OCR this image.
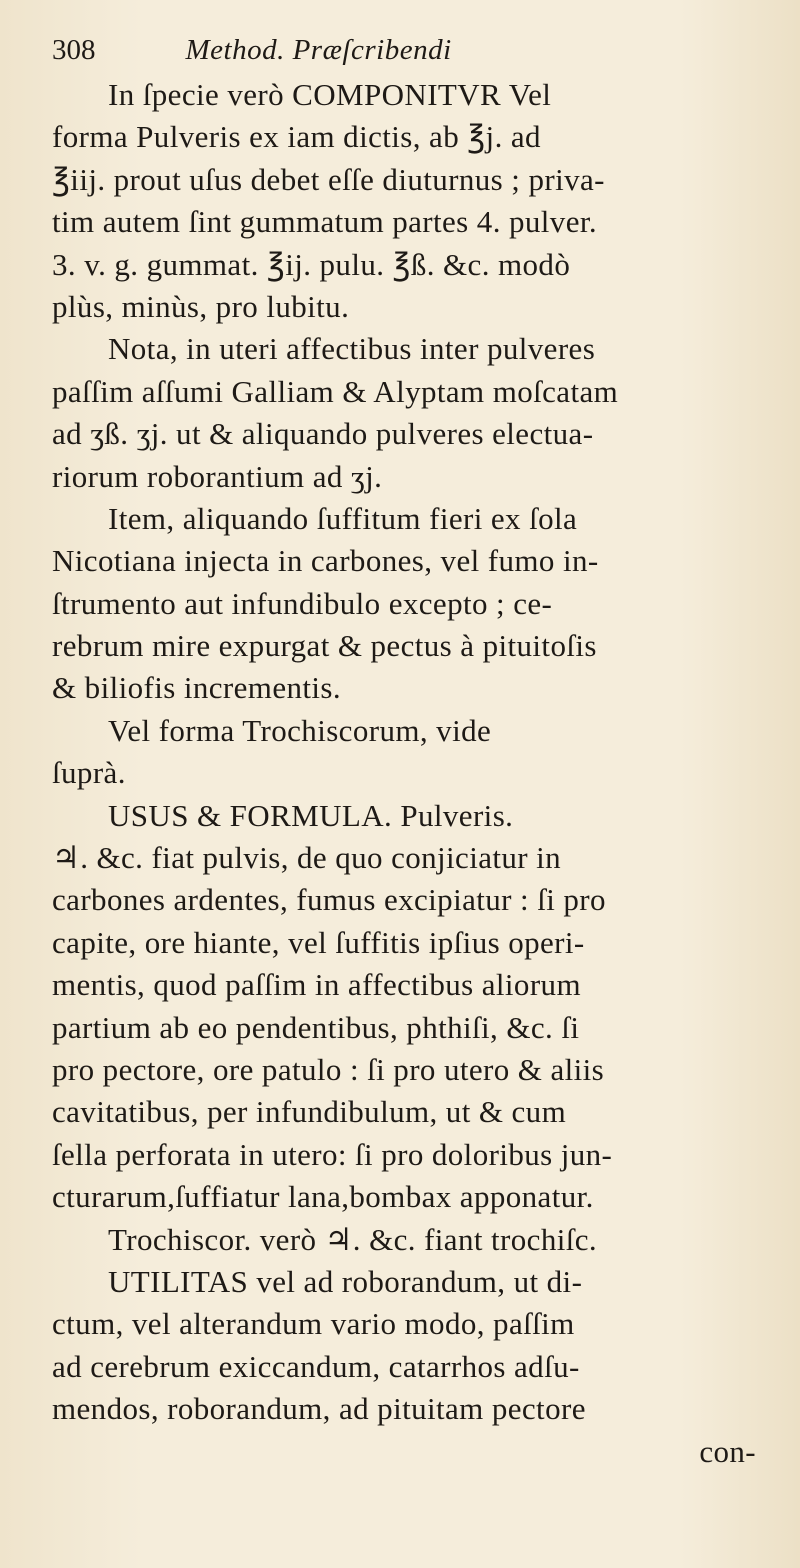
308	Method. Præſcribendi
In ſpecie verò COMPONITVR Vel
forma Pulveris ex iam dictis, ab ℥j. ad
℥iij. prout uſus debet eſſe diuturnus ; priva-
tim autem ſint gummatum partes 4. pulver.
3. v. g. gummat. ℥ij. pulu. ℥ß. &c. modò
plùs, minùs, pro lubitu.
Nota, in uteri affectibus inter pulveres
paſſim aſſumi Galliam & Alyptam moſcatam
ad ʒß. ʒj. ut & aliquando pulveres electua-
riorum roborantium ad ʒj.
Item, aliquando ſuffitum fieri ex ſola
Nicotiana injecta in carbones, vel fumo in-
ſtrumento aut infundibulo excepto ; ce-
rebrum mire expurgat & pectus à pituitoſis
& biliofis incrementis.
Vel forma Trochiscorum, vide
ſuprà.
USUS & FORMULA. Pulveris.
♃. &c. fiat pulvis, de quo conjiciatur in
carbones ardentes, fumus excipiatur : ſi pro
capite, ore hiante, vel ſuffitis ipſius operi-
mentis, quod paſſim in affectibus aliorum
partium ab eo pendentibus, phthiſi, &c. ſi
pro pectore, ore patulo : ſi pro utero & aliis
cavitatibus, per infundibulum, ut & cum
ſella perforata in utero: ſi pro doloribus jun-
cturarum,ſuffiatur lana,bombax apponatur.
Trochiscor. verò ♃. &c. fiant trochiſc.
UTILITAS vel ad roborandum, ut di-
ctum, vel alterandum vario modo, paſſim
ad cerebrum exiccandum, catarrhos adſu-
mendos, roborandum, ad pituitam pectore
con-
